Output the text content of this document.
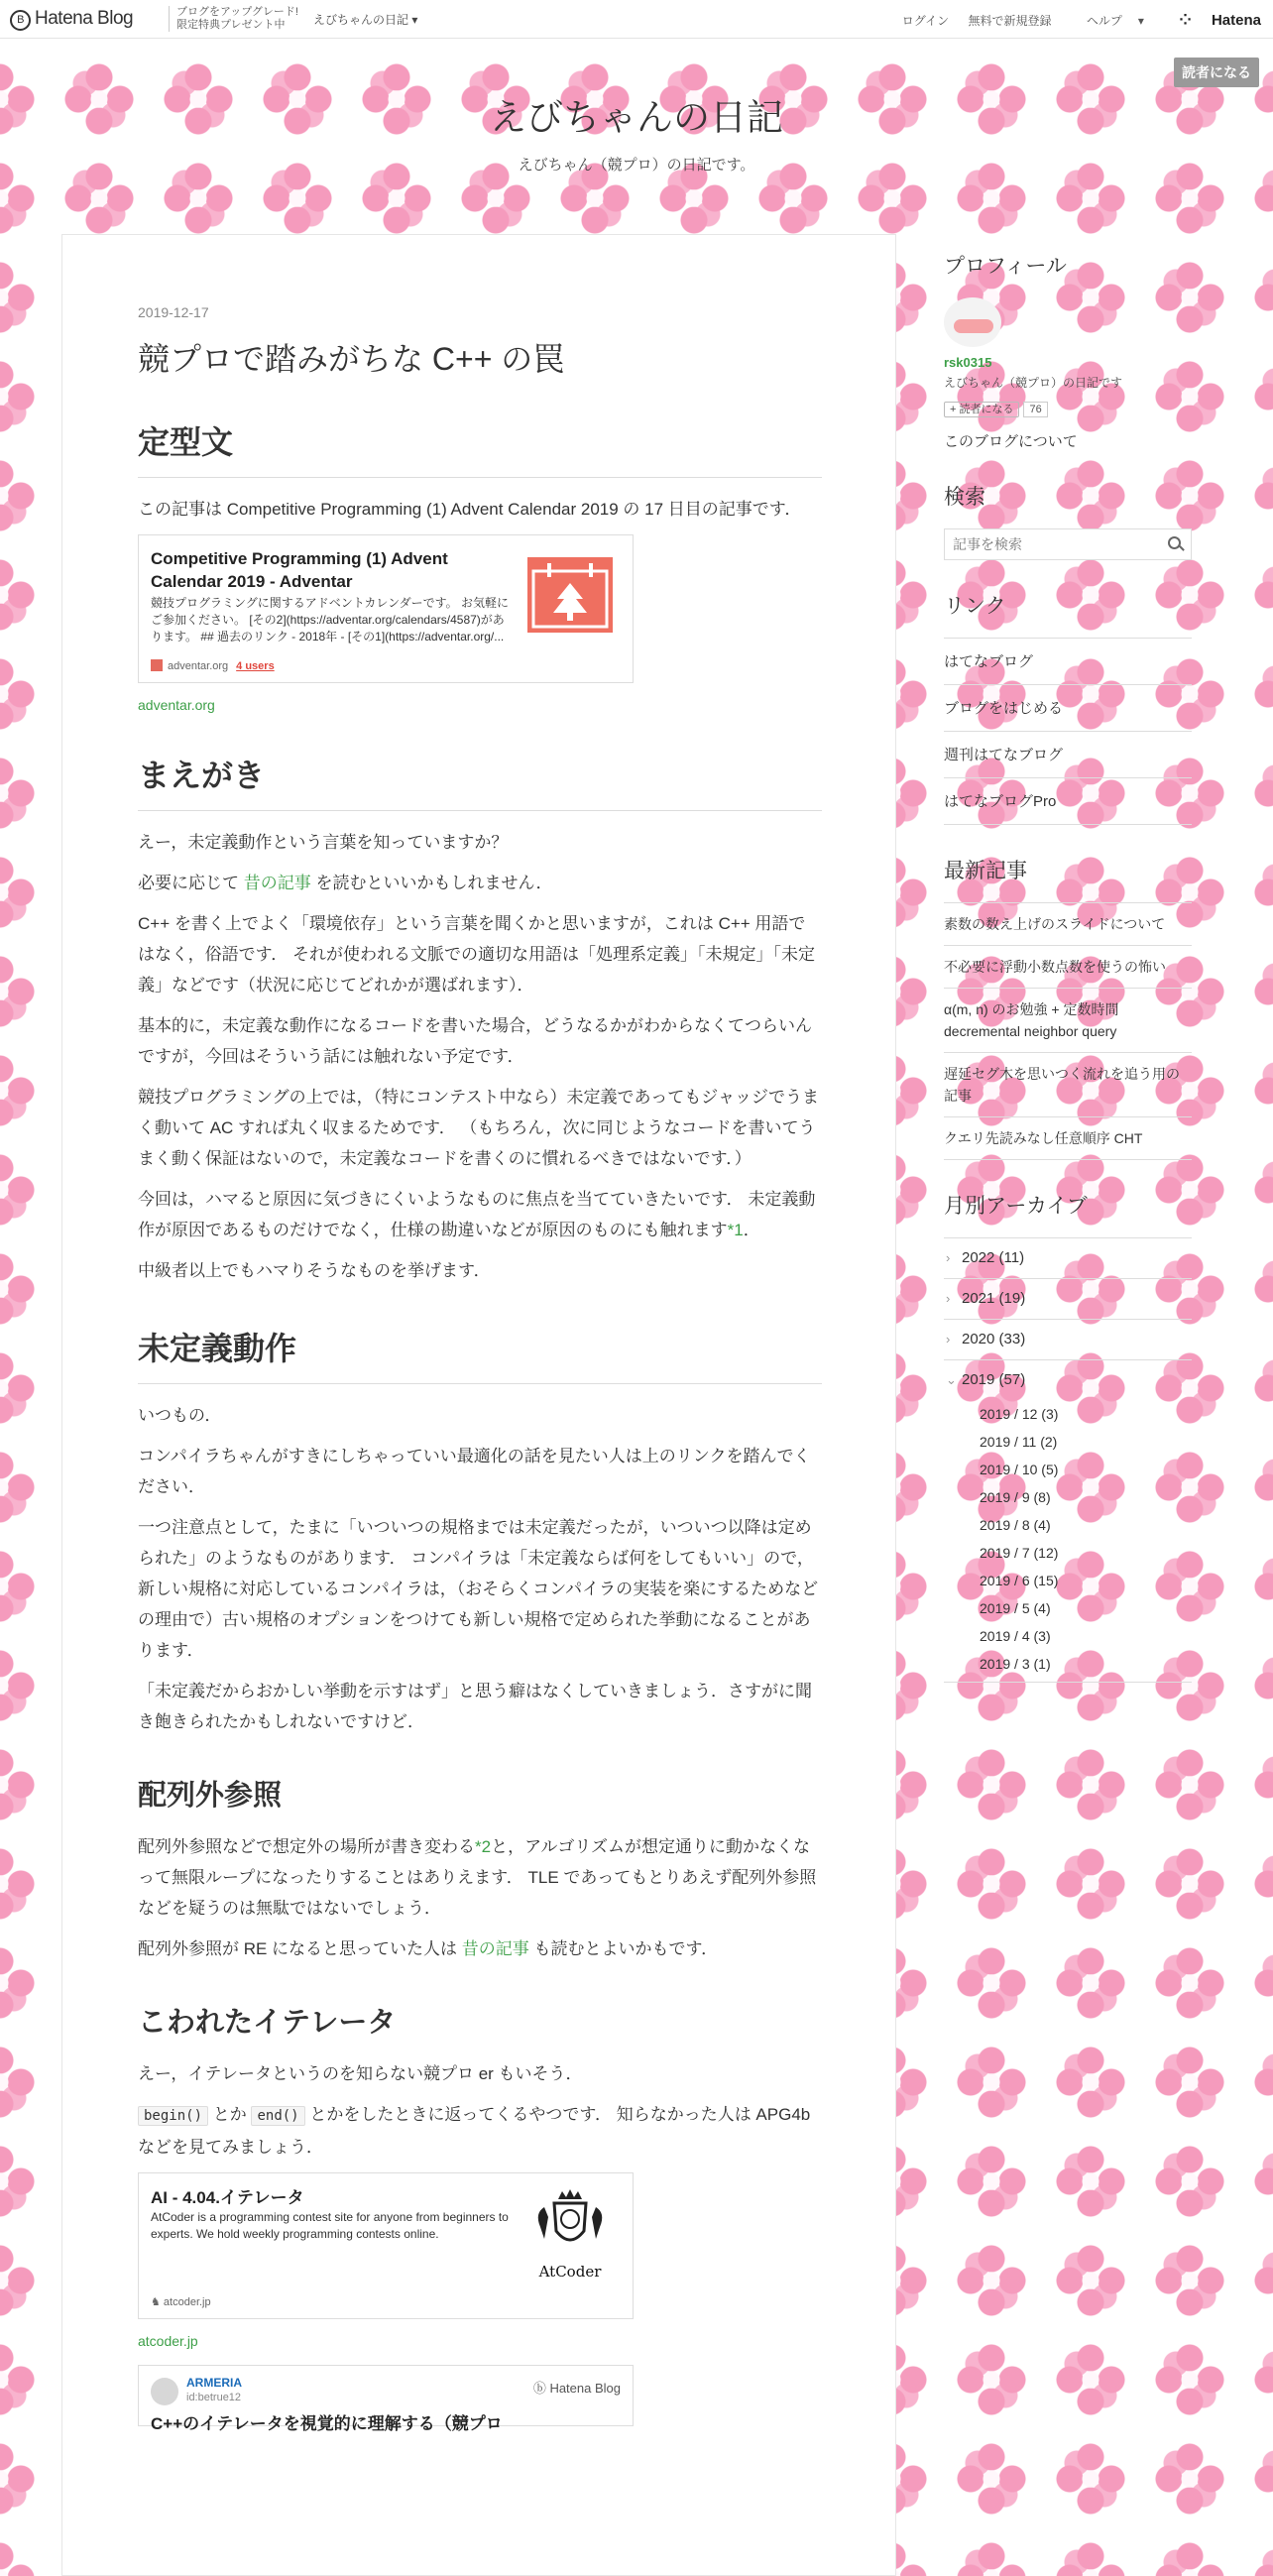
B Hatena Blog	ブログをアップグレード!
限定特典プレゼント中	えびちゃんの日記 ▾	ログイン 無料で新規登録	ヘルプ ▾ ⁘ Hatena
読者になる
えびちゃんの日記
えびちゃん（競プロ）の日記です。
2019-12-17
競プロで踏みがちな C++ の罠
定型文

この記事は Competitive Programming (1) Advent Calendar 2019 の 17 日目の記事です．

Competitive Programming (1) Advent Calendar 2019 - Adventar
競技プログラミングに関するアドベントカレンダーです。 お気軽にご参加ください。 [その2](https://adventar.org/calendars/4587)があります。 ## 過去のリンク - 2018年 - [その1](https://adventar.org/...
adventar.org 4 users
adventar.org
まえがき

えー，未定義動作という言葉を知っていますか？

必要に応じて 昔の記事 を読むといいかもしれません．

C++ を書く上でよく「環境依存」という言葉を聞くかと思いますが，これは C++ 用語ではなく，俗語です． それが使われる文脈での適切な用語は「処理系定義」「未規定」「未定義」などです（状況に応じてどれかが選ばれます）．

基本的に，未定義な動作になるコードを書いた場合，どうなるかがわからなくてつらいんですが，今回はそういう話には触れない予定です．

競技プログラミングの上では，（特にコンテスト中なら）未定義であってもジャッジでうまく動いて AC すれば丸く収まるためです． （もちろん，次に同じようなコードを書いてうまく動く保証はないので，未定義なコードを書くのに慣れるべきではないです．）

今回は，ハマると原因に気づきにくいようなものに焦点を当てていきたいです． 未定義動作が原因であるものだけでなく，仕様の勘違いなどが原因のものにも触れます*1．

中級者以上でもハマりそうなものを挙げます．

未定義動作

いつもの．

コンパイラちゃんがすきにしちゃっていい最適化の話を見たい人は上のリンクを踏んでください．

一つ注意点として，たまに「いついつの規格までは未定義だったが，いついつ以降は定められた」のようなものがあります． コンパイラは「未定義ならば何をしてもいい」ので，新しい規格に対応しているコンパイラは，（おそらくコンパイラの実装を楽にするためなどの理由で）古い規格のオプションをつけても新しい規格で定められた挙動になることがあります．

「未定義だからおかしい挙動を示すはず」と思う癖はなくしていきましょう．さすがに聞き飽きられたかもしれないですけど．

配列外参照

配列外参照などで想定外の場所が書き変わる*2と，アルゴリズムが想定通りに動かなくなって無限ループになったりすることはありえます． TLE であってもとりあえず配列外参照などを疑うのは無駄ではないでしょう．

配列外参照が RE になると思っていた人は 昔の記事 も読むとよいかもです．

こわれたイテレータ

えー，イテレータというのを知らない競プロ er もいそう．

begin() とか end() とかをしたときに返ってくるやつです． 知らなかった人は APG4b などを見てみましょう．

AI - 4.04.イテレータ
AtCoder is a programming contest site for anyone from beginners to experts. We hold weekly programming contests online.
AtCoder
♞ atcoder.jp
atcoder.jp
ARMERIA
id:betrue12
ⓑ Hatena Blog
C++のイテレータを視覚的に理解する（競プロ
プロフィール
rsk0315
えびちゃん（競プロ）の日記です
+ 読者になる 76
このブログについて
検索
記事を検索
リンク
はてなブログ
ブログをはじめる
週刊はてなブログ
はてなブログPro
最新記事
素数の数え上げのスライドについて
不必要に浮動小数点数を使うの怖い
α(m, n) のお勉強 + 定数時間 decremental neighbor query
遅延セグ木を思いつく流れを追う用の記事
クエリ先読みなし任意順序 CHT
月別アーカイブ
› 2022 (11)
› 2021 (19)
› 2020 (33)
⌄ 2019 (57)
2019 / 12 (3)
2019 / 11 (2)
2019 / 10 (5)
2019 / 9 (8)
2019 / 8 (4)
2019 / 7 (12)
2019 / 6 (15)
2019 / 5 (4)
2019 / 4 (3)
2019 / 3 (1)
